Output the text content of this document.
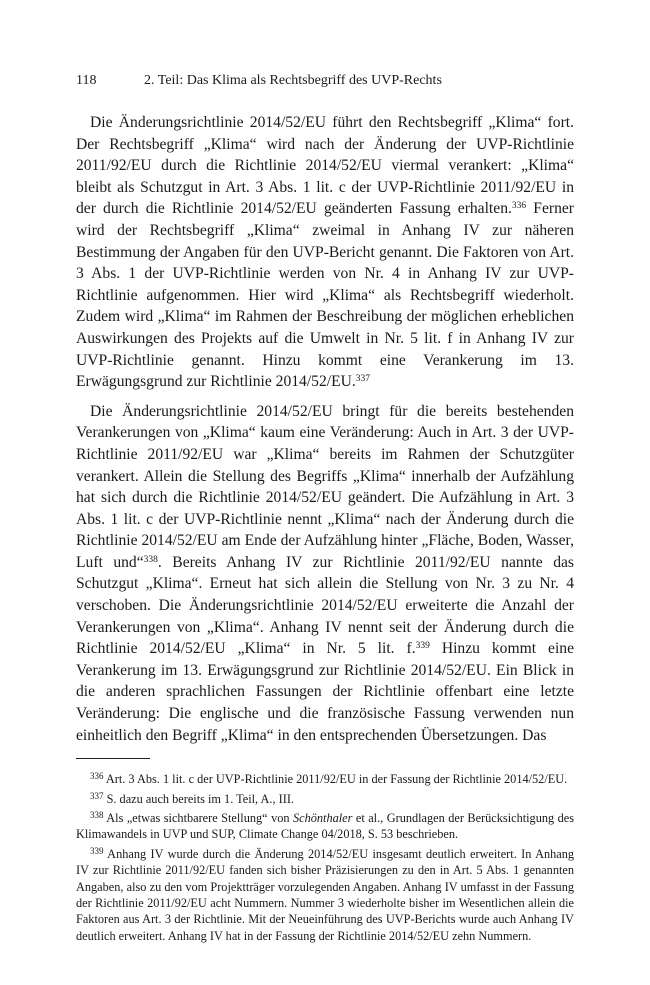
118	2. Teil: Das Klima als Rechtsbegriff des UVP-Rechts

Die Änderungsrichtlinie 2014/52/EU führt den Rechtsbegriff „Klima“ fort. Der Rechtsbegriff „Klima“ wird nach der Änderung der UVP-Richtlinie 2011/92/EU durch die Richtlinie 2014/52/EU viermal verankert: „Klima“ bleibt als Schutzgut in Art. 3 Abs. 1 lit. c der UVP-Richtlinie 2011/92/EU in der durch die Richtlinie 2014/52/EU geänderten Fassung erhalten.$^{336}$ Ferner wird der Rechtsbegriff „Klima“ zweimal in Anhang IV zur näheren Bestimmung der Angaben für den UVP-Bericht genannt. Die Faktoren von Art. 3 Abs. 1 der UVP-Richtlinie werden von Nr. 4 in Anhang IV zur UVP-Richtlinie aufgenommen. Hier wird „Klima“ als Rechtsbegriff wiederholt. Zudem wird „Klima“ im Rahmen der Beschreibung der möglichen erheblichen Auswirkungen des Projekts auf die Umwelt in Nr. 5 lit. f in Anhang IV zur UVP-Richtlinie genannt. Hinzu kommt eine Verankerung im 13. Erwägungsgrund zur Richtlinie 2014/52/EU.$^{337}$

Die Änderungsrichtlinie 2014/52/EU bringt für die bereits bestehenden Verankerungen von „Klima“ kaum eine Veränderung: Auch in Art. 3 der UVP-Richtlinie 2011/92/EU war „Klima“ bereits im Rahmen der Schutzgüter verankert. Allein die Stellung des Begriffs „Klima“ innerhalb der Aufzählung hat sich durch die Richtlinie 2014/52/EU geändert. Die Aufzählung in Art. 3 Abs. 1 lit. c der UVP-Richtlinie nennt „Klima“ nach der Änderung durch die Richtlinie 2014/52/EU am Ende der Aufzählung hinter „Fläche, Boden, Wasser, Luft und“$^{338}$. Bereits Anhang IV zur Richtlinie 2011/92/EU nannte das Schutzgut „Klima“. Erneut hat sich allein die Stellung von Nr. 3 zu Nr. 4 verschoben. Die Änderungsrichtlinie 2014/52/EU erweiterte die Anzahl der Verankerungen von „Klima“. Anhang IV nennt seit der Änderung durch die Richtlinie 2014/52/EU „Klima“ in Nr. 5 lit. f.$^{339}$ Hinzu kommt eine Verankerung im 13. Erwägungsgrund zur Richtlinie 2014/52/EU. Ein Blick in die anderen sprachlichen Fassungen der Richtlinie offenbart eine letzte Veränderung: Die englische und die französische Fassung verwenden nun einheitlich den Begriff „Klima“ in den entsprechenden Übersetzungen. Das

$^{336}$ Art. 3 Abs. 1 lit. c der UVP-Richtlinie 2011/92/EU in der Fassung der Richtlinie 2014/52/EU.

$^{337}$ S. dazu auch bereits im 1. Teil, A., III.

$^{338}$ Als „etwas sichtbarere Stellung“ von Schönthaler et al., Grundlagen der Berücksichtigung des Klimawandels in UVP und SUP, Climate Change 04/2018, S. 53 beschrieben.

$^{339}$ Anhang IV wurde durch die Änderung 2014/52/EU insgesamt deutlich erweitert. In Anhang IV zur Richtlinie 2011/92/EU fanden sich bisher Präzisierungen zu den in Art. 5 Abs. 1 genannten Angaben, also zu den vom Projektträger vorzulegenden Angaben. Anhang IV umfasst in der Fassung der Richtlinie 2011/92/EU acht Nummern. Nummer 3 wiederholte bisher im Wesentlichen allein die Faktoren aus Art. 3 der Richtlinie. Mit der Neueinführung des UVP-Berichts wurde auch Anhang IV deutlich erweitert. Anhang IV hat in der Fassung der Richtlinie 2014/52/EU zehn Nummern.
